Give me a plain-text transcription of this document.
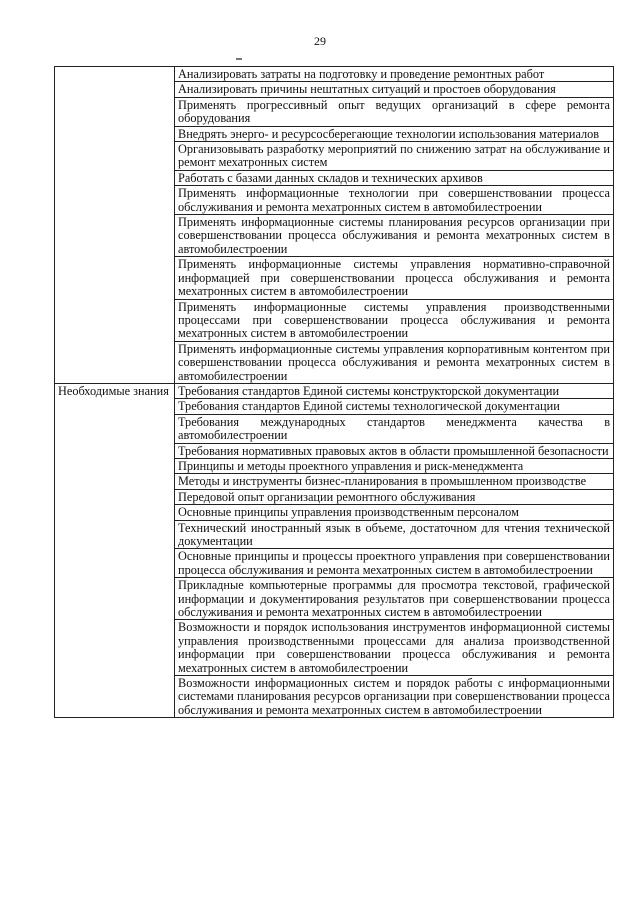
29
	Анализировать затраты на подготовку и проведение ремонтных работ
	Анализировать причины нештатных ситуаций и простоев оборудования
	Применять прогрессивный опыт ведущих организаций в сфере ремонта оборудования
	Внедрять энерго- и ресурсосберегающие технологии использования материалов
	Организовывать разработку мероприятий по снижению затрат на обслуживание и ремонт мехатронных систем
	Работать с базами данных складов и технических архивов
	Применять информационные технологии при совершенствовании процесса обслуживания и ремонта мехатронных систем в автомобилестроении
	Применять информационные системы планирования ресурсов организации при совершенствовании процесса обслуживания и ремонта мехатронных систем в автомобилестроении
	Применять информационные системы управления нормативно-справочной информацией при совершенствовании процесса обслуживания и ремонта мехатронных систем в автомобилестроении
	Применять информационные системы управления производственными процессами при совершенствовании процесса обслуживания и ремонта мехатронных систем в автомобилестроении
	Применять информационные системы управления корпоративным контентом при совершенствовании процесса обслуживания и ремонта мехатронных систем в автомобилестроении
Необходимые знания	Требования стандартов Единой системы конструкторской документации
	Требования стандартов Единой системы технологической документации
	Требования международных стандартов менеджмента качества в автомобилестроении
	Требования нормативных правовых актов в области промышленной безопасности
	Принципы и методы проектного управления и риск-менеджмента
	Методы и инструменты бизнес-планирования в промышленном производстве
	Передовой опыт организации ремонтного обслуживания
	Основные принципы управления производственным персоналом
	Технический иностранный язык в объеме, достаточном для чтения технической документации
	Основные принципы и процессы проектного управления при совершенствовании процесса обслуживания и ремонта мехатронных систем в автомобилестроении
	Прикладные компьютерные программы для просмотра текстовой, графической информации и документирования результатов при совершенствовании процесса обслуживания и ремонта мехатронных систем в автомобилестроении
	Возможности и порядок использования инструментов информационной системы управления производственными процессами для анализа производственной информации при совершенствовании процесса обслуживания и ремонта мехатронных систем в автомобилестроении
	Возможности информационных систем и порядок работы с информационными системами планирования ресурсов организации при совершенствовании процесса обслуживания и ремонта мехатронных систем в автомобилестроении
